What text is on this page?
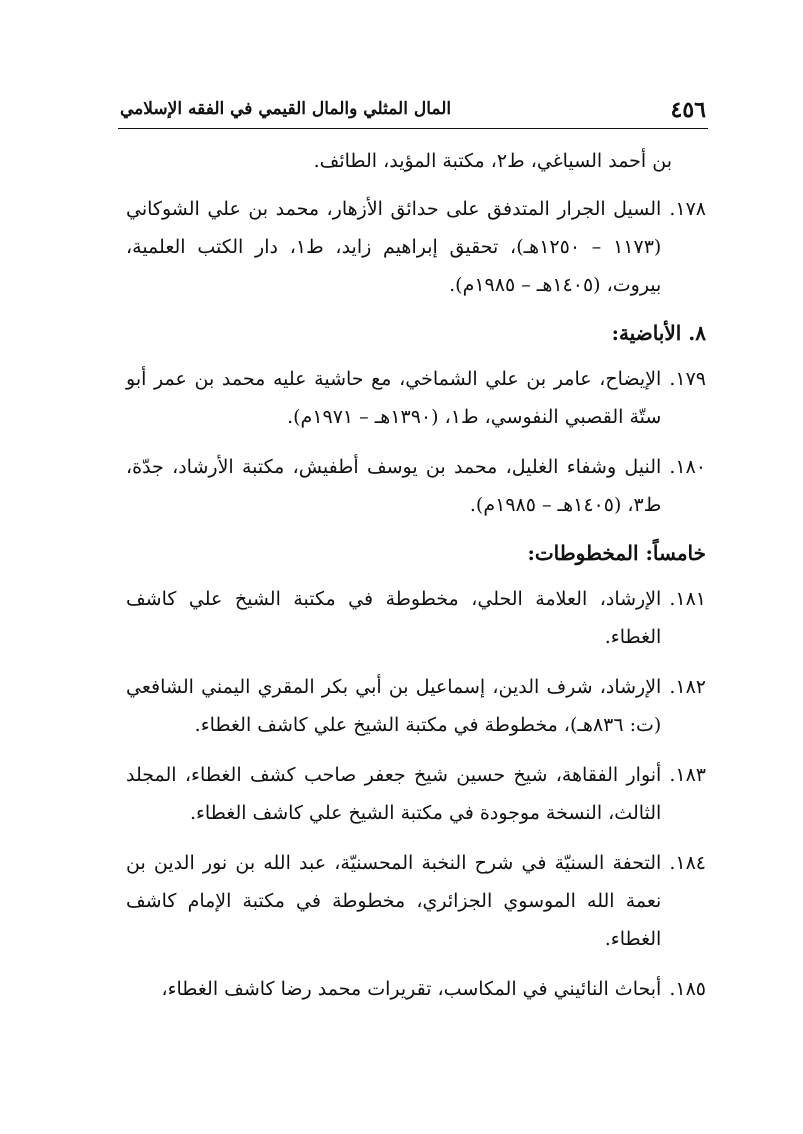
٤٥٦
المال المثلي والمال القيمي في الفقه الإسلامي
بن أحمد السياغي، ط٢، مكتبة المؤيد، الطائف.
١٧٨.
السيل الجرار المتدفق على حدائق الأزهار، محمد بن علي الشوكاني (١١٧٣ – ١٢٥٠هـ)، تحقيق إبراهيم زايد، ط١، دار الكتب العلمية، بيروت، (١٤٠٥هـ – ١٩٨٥م).
٨. الأباضية:
١٧٩.
الإيضاح، عامر بن علي الشماخي، مع حاشية عليه محمد بن عمر أبو ستّة القصبي النفوسي، ط١، (١٣٩٠هـ – ١٩٧١م).
١٨٠.
النيل وشفاء الغليل، محمد بن يوسف أطفيش، مكتبة الأرشاد، جدّة، ط٣، (١٤٠٥هـ – ١٩٨٥م).
خامساً: المخطوطات:
١٨١.
الإرشاد، العلامة الحلي، مخطوطة في مكتبة الشيخ علي كاشف الغطاء.
١٨٢.
الإرشاد، شرف الدين، إسماعيل بن أبي بكر المقري اليمني الشافعي (ت: ٨٣٦هـ)، مخطوطة في مكتبة الشيخ علي كاشف الغطاء.
١٨٣.
أنوار الفقاهة، شيخ حسين شيخ جعفر صاحب كشف الغطاء، المجلد الثالث، النسخة موجودة في مكتبة الشيخ علي كاشف الغطاء.
١٨٤.
التحفة السنيّة في شرح النخبة المحسنيّة، عبد الله بن نور الدين بن نعمة الله الموسوي الجزائري، مخطوطة في مكتبة الإمام كاشف الغطاء.
١٨٥.
أبحاث النائيني في المكاسب، تقريرات محمد رضا كاشف الغطاء،
